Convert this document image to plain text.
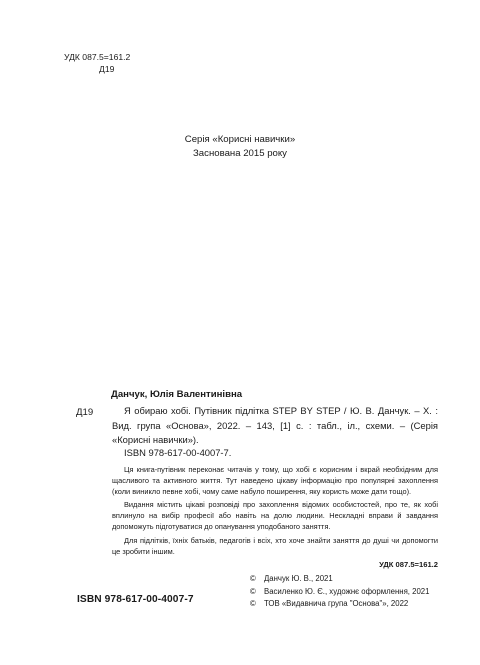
УДК 087.5=161.2
Д19
Серія «Корисні навички»
Заснована 2015 року
Данчук, Юлія Валентинівна
Д19	Я обираю хобі. Путівник підлітка STEP BY STEP / Ю. В. Данчук. – Х. : Вид. група «Основа», 2022. – 143, [1] с. : табл., іл., схеми. – (Серія «Корисні навички»).

ISBN 978-617-00-4007-7.

Ця книга-путівник переконає читачів у тому, що хобі є корисним і вкрай необхідним для щасливого та активного життя. Тут наведено цікаву інформацію про популярні захоплення (коли виникло певне хобі, чому саме набуло поширення, яку користь може дати тощо).

Видання містить цікаві розповіді про захоплення відомих особистостей, про те, як хобі вплинуло на вибір професії або навіть на долю людини. Нескладні вправи й завдання допоможуть підготуватися до опанування уподобаного заняття.

Для підлітків, їхніх батьків, педагогів і всіх, хто хоче знайти заняття до душі чи допомогти це зробити іншим.

УДК 087.5=161.2
ISBN 978-617-00-4007-7
© Данчук Ю. В., 2021
© Василенко Ю. Є., художнє оформлення, 2021
© ТОВ «Видавнича група "Основа"», 2022
